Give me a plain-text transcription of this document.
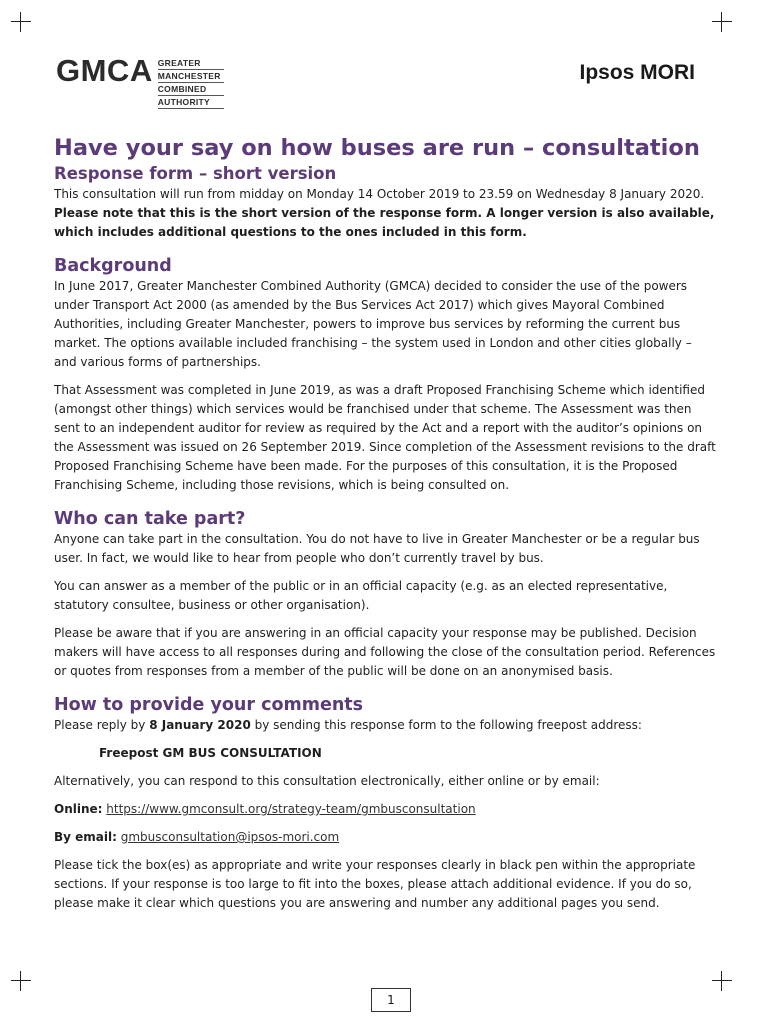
GMCA GREATER
MANCHESTER
COMBINED
AUTHORITY
Ipsos MORI
Have your say on how buses are run – consultation
Response form – short version

This consultation will run from midday on Monday 14 October 2019 to 23.59 on Wednesday 8 January 2020.

Please note that this is the short version of the response form. A longer version is also available, which includes additional questions to the ones included in this form.

Background

In June 2017, Greater Manchester Combined Authority (GMCA) decided to consider the use of the powers under Transport Act 2000 (as amended by the Bus Services Act 2017) which gives Mayoral Combined Authorities, including Greater Manchester, powers to improve bus services by reforming the current bus market. The options available included franchising – the system used in London and other cities globally – and various forms of partnerships.

That Assessment was completed in June 2019, as was a draft Proposed Franchising Scheme which identified (amongst other things) which services would be franchised under that scheme. The Assessment was then sent to an independent auditor for review as required by the Act and a report with the auditor’s opinions on the Assessment was issued on 26 September 2019. Since completion of the Assessment revisions to the draft Proposed Franchising Scheme have been made. For the purposes of this consultation, it is the Proposed Franchising Scheme, including those revisions, which is being consulted on.

Who can take part?

Anyone can take part in the consultation. You do not have to live in Greater Manchester or be a regular bus user. In fact, we would like to hear from people who don’t currently travel by bus.

You can answer as a member of the public or in an official capacity (e.g. as an elected representative, statutory consultee, business or other organisation).

Please be aware that if you are answering in an official capacity your response may be published. Decision makers will have access to all responses during and following the close of the consultation period. References or quotes from responses from a member of the public will be done on an anonymised basis.

How to provide your comments

Please reply by 8 January 2020 by sending this response form to the following freepost address:

Freepost GM BUS CONSULTATION

Alternatively, you can respond to this consultation electronically, either online or by email:

Online: https://www.gmconsult.org/strategy-team/gmbusconsultation

By email: gmbusconsultation@ipsos-mori.com

Please tick the box(es) as appropriate and write your responses clearly in black pen within the appropriate sections. If your response is too large to fit into the boxes, please attach additional evidence. If you do so, please make it clear which questions you are answering and number any additional pages you send.

1
